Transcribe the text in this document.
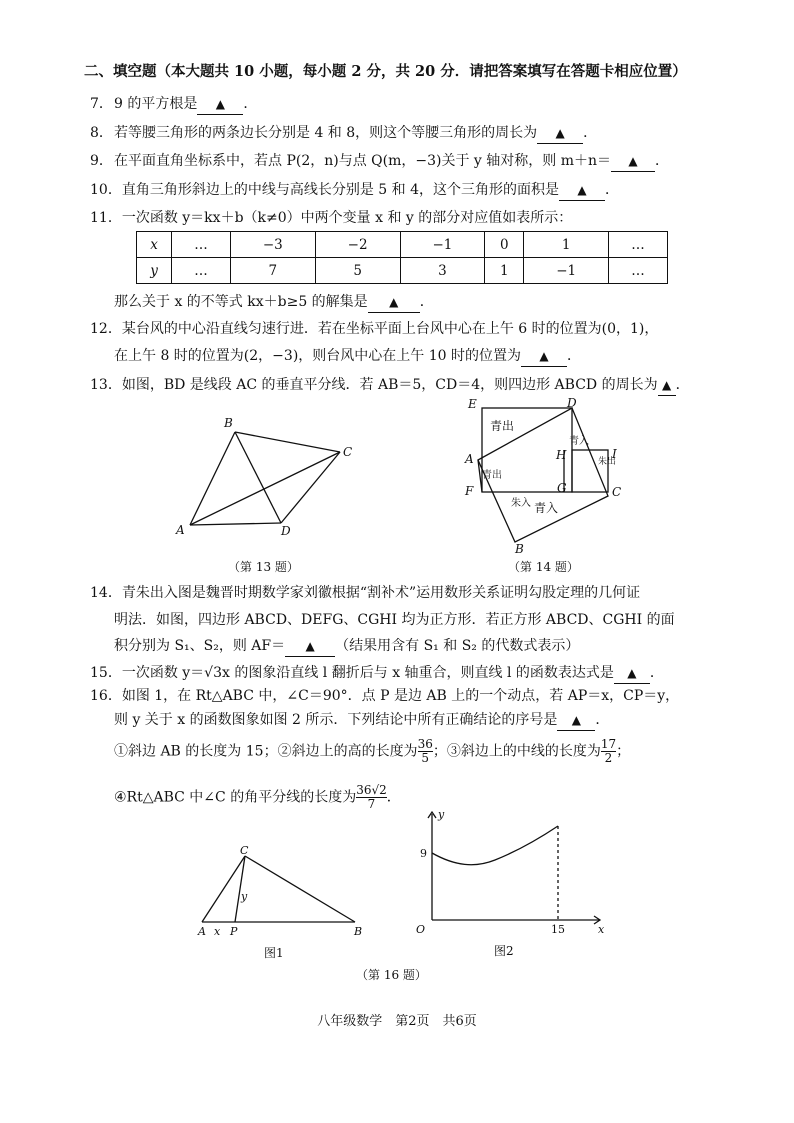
二、填空题（本大题共 10 小题，每小题 2 分，共 20 分．请把答案填写在答题卡相应位置）
7．9 的平方根是 ▲ ．
8．若等腰三角形的两条边长分别是 4 和 8，则这个等腰三角形的周长为 ▲ ．
9．在平面直角坐标系中，若点 P(2，n)与点 Q(m，−3)关于 y 轴对称，则 m＋n＝ ▲ ．
10．直角三角形斜边上的中线与高线长分别是 5 和 4，这个三角形的面积是 ▲ ．
11．一次函数 y＝kx＋b（k≠0）中两个变量 x 和 y 的部分对应值如表所示：
x	…	−3	−2	−1	0	1	…
y	…	7	5	3	1	−1	…
那么关于 x 的不等式 kx＋b≥5 的解集是 ▲ ．
12．某台风的中心沿直线匀速行进．若在坐标平面上台风中心在上午 6 时的位置为(0，1)，
在上午 8 时的位置为(2，−3)，则台风中心在上午 10 时的位置为 ▲ ．
13．如图，BD 是线段 AC 的垂直平分线．若 AB＝5，CD＝4，则四边形 ABCD 的周长为 ▲ ．
B
C
A	D
（第 13 题）
青出
青入
朱出
青出
朱入 青入
E	D
A	H	I
F	G	C
B
（第 14 题）
14．青朱出入图是魏晋时期数学家刘徽根据“割补术”运用数形关系证明勾股定理的几何证
明法．如图，四边形 ABCD、DEFG、CGHI 均为正方形．若正方形 ABCD、CGHI 的面
积分别为 S₁、S₂，则 AF＝ ▲ （结果用含有 S₁ 和 S₂ 的代数式表示）
15．一次函数 y＝√3x 的图象沿直线 l 翻折后与 x 轴重合，则直线 l 的函数表达式是 ▲ ．
16．如图 1，在 Rt△ABC 中，∠C＝90°．点 P 是边 AB 上的一个动点，若 AP＝x，CP＝y，
则 y 关于 x 的函数图象如图 2 所示．下列结论中所有正确结论的序号是 ▲ ．
①斜边 AB 的长度为 15；②斜边上的高的长度为 $\frac{36}{5}$ ；③斜边上的中线的长度为 $\frac{17}{2}$ ；
④Rt△ABC 中∠C 的角平分线的长度为 $\frac{36√2}{7}$ ．
C
y
A x P	B
图1
y
x
O
9
15
图2
（第 16 题）
八年级数学　第2页　共6页
